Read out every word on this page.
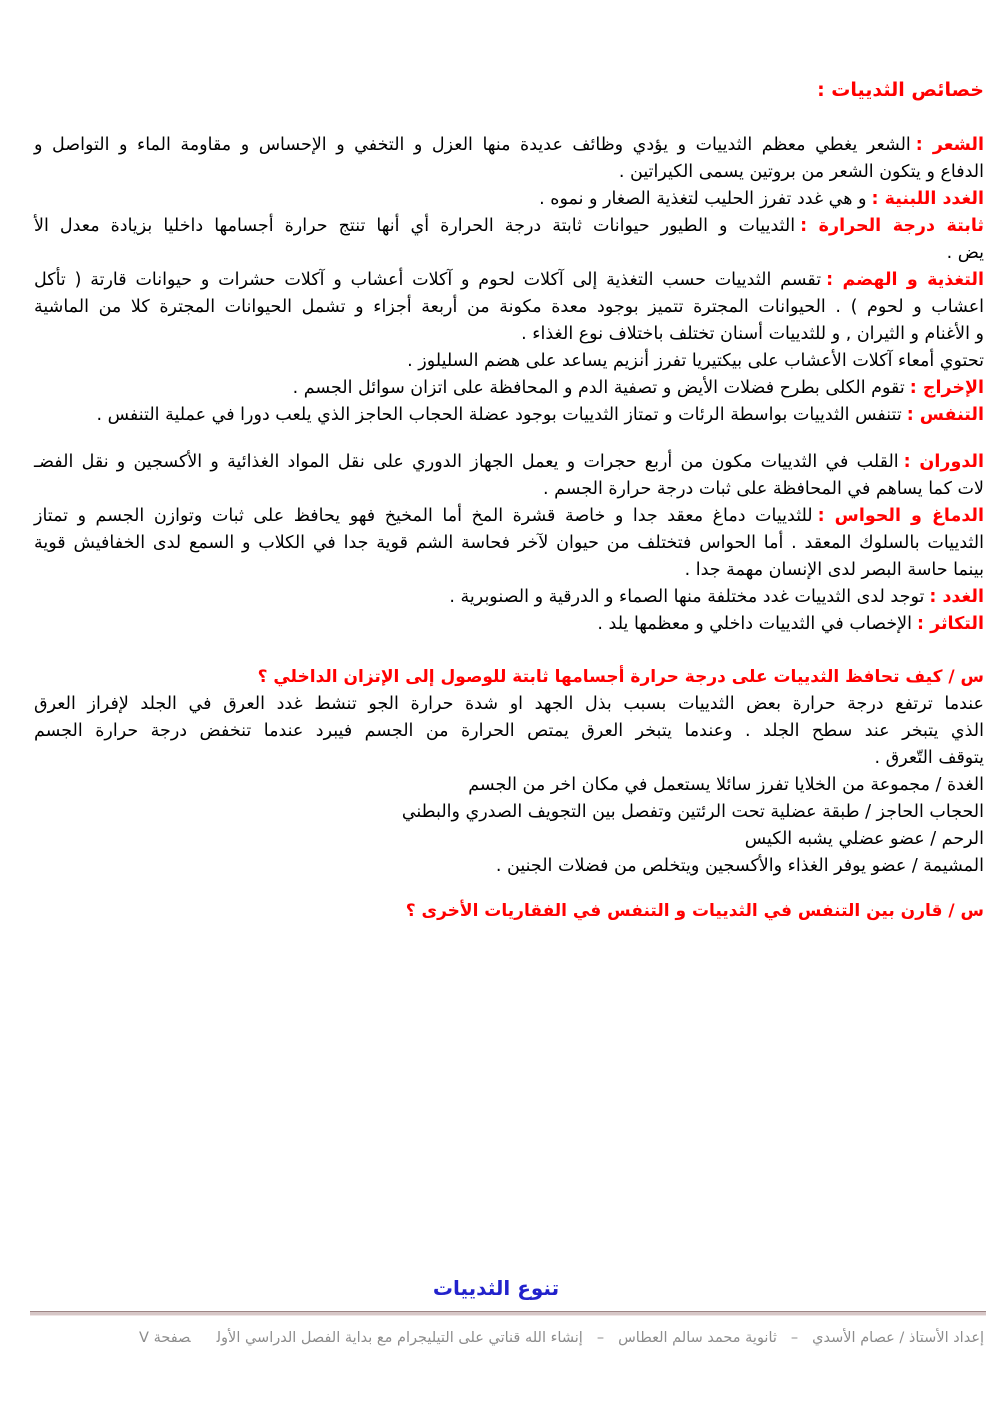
خصائص الثدييات :
الشعر :الشعر يغطي معظم الثدييات و يؤدي وظائف عديدة منها العزل و التخفي و الإحساس و مقاومة الماء و التواصل و
الدفاع و يتكون الشعر من بروتين يسمى الكيراتين .
الغدد اللبنية :و هي غدد تفرز الحليب لتغذية الصغار و نموه .
ثابتة درجة الحرارة :الثدييات و الطيور حيوانات ثابتة درجة الحرارة أي أنها تنتج حرارة أجسامها داخليا بزيادة معدل الأ
يض .
التغذية و الهضم :تقسم الثدييات حسب التغذية إلى آكلات لحوم و آكلات أعشاب و آكلات حشرات و حيوانات قارتة ( تأكل
اعشاب و لحوم ) . الحيوانات المجترة تتميز بوجود معدة مكونة من أربعة أجزاء و تشمل الحيوانات المجترة كلا من الماشية
و الأغنام و الثيران , و للثدييات أسنان تختلف باختلاف نوع الغذاء .
تحتوي أمعاء آكلات الأعشاب على بيكتيريا تفرز أنزيم يساعد على هضم السليلوز .
الإخراج :تقوم الكلى بطرح فضلات الأيض و تصفية الدم و المحافظة على اتزان سوائل الجسم .
التنفس :تتنفس الثدييات بواسطة الرئات و تمتاز الثدييات بوجود عضلة الحجاب الحاجز الذي يلعب دورا في عملية التنفس .
الدوران :القلب في الثدييات مكون من أربع حجرات و يعمل الجهاز الدوري على نقل المواد الغذائية و الأكسجين و نقل الفضـ
لات كما يساهم في المحافظة على ثبات درجة حرارة الجسم .
الدماغ و الحواس :للثدييات دماغ معقد جدا و خاصة قشرة المخ أما المخيخ فهو يحافظ على ثبات وتوازن الجسم و تمتاز
الثدييات بالسلوك المعقد . أما الحواس فتختلف من حيوان لآخر فحاسة الشم قوية جدا في الكلاب و السمع لدى الخفافيش قوية
بينما حاسة البصر لدى الإنسان مهمة جدا .
الغدد :توجد لدى الثدييات غدد مختلفة منها الصماء و الدرقية و الصنوبرية .
التكاثر :الإخصاب في الثدييات داخلي و معظمها يلد .
س / كيف تحافظ الثدييات على درجة حرارة أجسامها ثابتة للوصول إلى الإتزان الداخلي ؟
عندما ترتفع درجة حرارة بعض الثدييات بسبب بذل الجهد او شدة حرارة الجو تنشط غدد العرق في الجلد لإفراز العرق
الذي يتبخر عند سطح الجلد . وعندما يتبخر العرق يمتص الحرارة من الجسم فيبرد عندما تنخفض درجة حرارة الجسم
يتوقف التّعرق .
الغدة / مجموعة من الخلايا تفرز سائلا يستعمل في مكان اخر من الجسم
الحجاب الحاجز / طبقة عضلية تحت الرئتين وتفصل بين التجويف الصدري والبطني
الرحم / عضو عضلي يشبه الكيس
المشيمة / عضو يوفر الغذاء والأكسجين ويتخلص من فضلات الجنين .
س / قارن بين التنفس في الثدييات و التنفس في الفقاريات الأخرى ؟
تنوع الثدييات
إعداد الأستاذ / عصام الأسدي–ثانوية محمد سالم العطاس–إنشاء الله قناتي على التيليجرام مع بداية الفصل الدراسي الأولصفحة V
